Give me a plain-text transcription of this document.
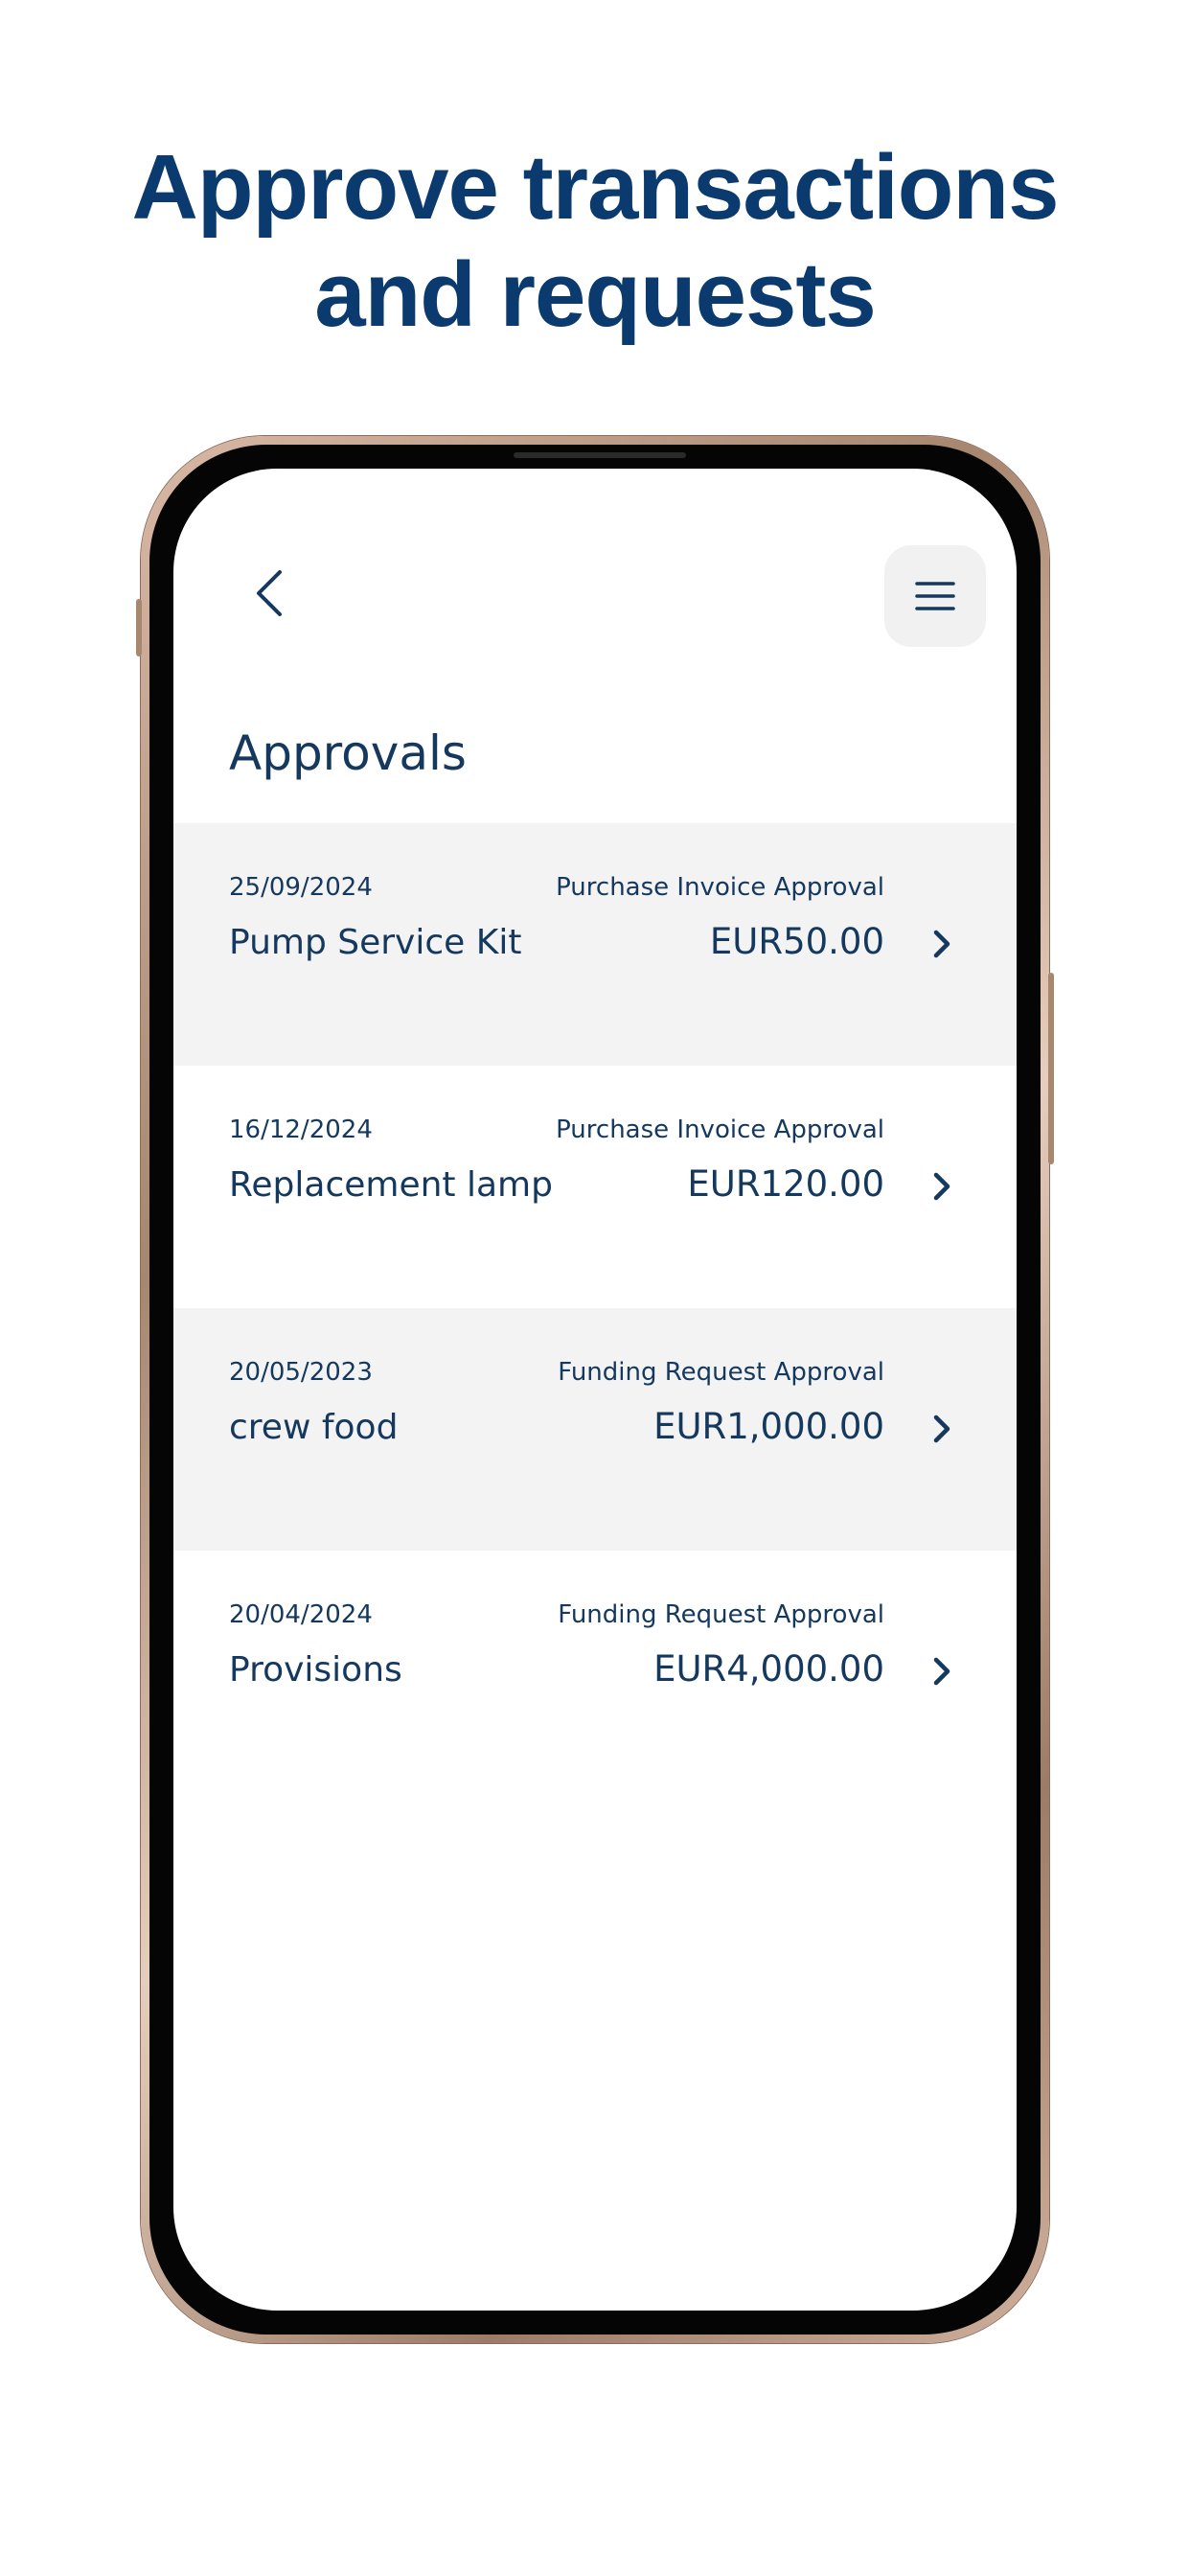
Approve transactions
and requests
Approvals
25/09/2024	Purchase Invoice Approval
Pump Service Kit	EUR50.00
16/12/2024	Purchase Invoice Approval
Replacement lamp	EUR120.00
20/05/2023	Funding Request Approval
crew food	EUR1,000.00
20/04/2024	Funding Request Approval
Provisions	EUR4,000.00
